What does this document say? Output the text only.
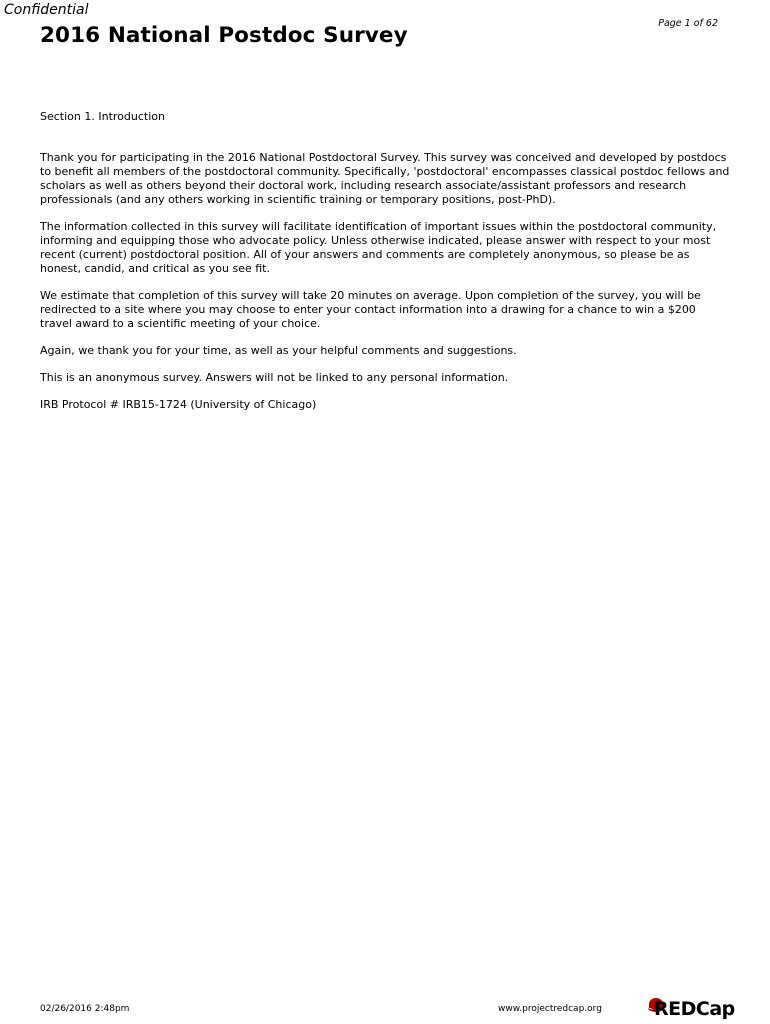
Confidential
Page 1 of 62
2016 National Postdoc Survey
Section 1. Introduction

Thank you for participating in the 2016 National Postdoctoral Survey. This survey was conceived and developed by postdocs to benefit all members of the postdoctoral community. Specifically, 'postdoctoral' encompasses classical postdoc fellows and scholars as well as others beyond their doctoral work, including research associate/assistant professors and research professionals (and any others working in scientific training or temporary positions, post-PhD).

The information collected in this survey will facilitate identification of important issues within the postdoctoral community, informing and equipping those who advocate policy. Unless otherwise indicated, please answer with respect to your most recent (current) postdoctoral position. All of your answers and comments are completely anonymous, so please be as honest, candid, and critical as you see fit.

We estimate that completion of this survey will take 20 minutes on average. Upon completion of the survey, you will be redirected to a site where you may choose to enter your contact information into a drawing for a chance to win a $200 travel award to a scientific meeting of your choice.

Again, we thank you for your time, as well as your helpful comments and suggestions.

This is an anonymous survey. Answers will not be linked to any personal information.

IRB Protocol # IRB15-1724 (University of Chicago)

02/26/2016 2:48pm	www.projectredcap.org	REDCap
